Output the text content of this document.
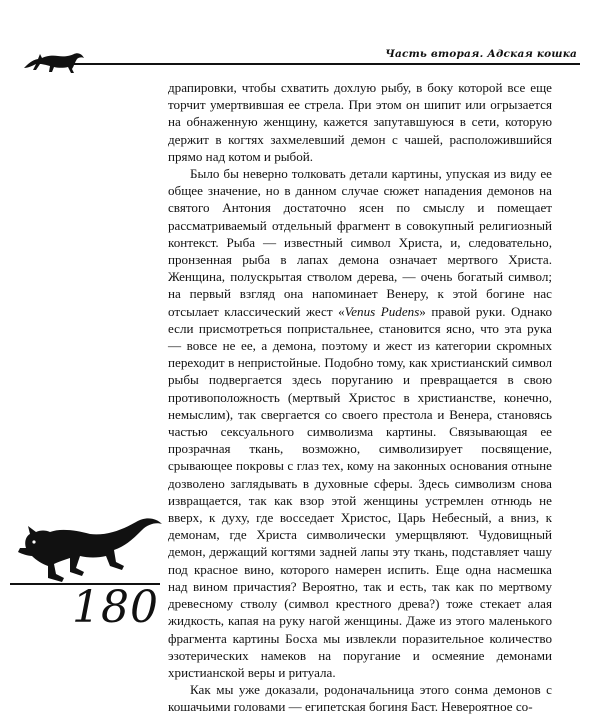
Часть вторая. Адская кошка

драпировки, чтобы схватить дохлую рыбу, в боку которой все еще торчит умертвившая ее стрела. При этом он шипит или огрызается на обнаженную женщину, кажется запутавшуюся в сети, которую держит в когтях захмелевший демон с чашей, расположившийся прямо над котом и рыбой.

Было бы неверно толковать детали картины, упуская из виду ее общее значение, но в данном случае сюжет нападения демонов на святого Антония достаточно ясен по смыслу и помещает рассматриваемый отдельный фрагмент в совокупный религиозный контекст. Рыба — известный символ Христа, и, следовательно, пронзенная рыба в лапах демона означает мертвого Христа. Женщина, полускрытая стволом дерева, — очень богатый символ; на первый взгляд она напоминает Венеру, к этой богине нас отсылает классический жест «Venus Pudens» правой руки. Однако если присмотреться попристальнее, становится ясно, что эта рука — вовсе не ее, а демона, поэтому и жест из категории скромных переходит в непристойные. Подобно тому, как христианский символ рыбы подвергается здесь поруганию и превращается в свою противоположность (мертвый Христос в христианстве, конечно, немыслим), так свергается со своего престола и Венера, становясь частью сексуального символизма картины. Связывающая ее прозрачная ткань, возможно, символизирует посвящение, срывающее покровы с глаз тех, кому на законных основания отныне дозволено заглядывать в духовные сферы. Здесь символизм снова извращается, так как взор этой женщины устремлен отнюдь не вверх, к духу, где восседает Христос, Царь Небесный, а вниз, к демонам, где Христа символически умерщвляют. Чудовищный демон, держащий когтями задней лапы эту ткань, подставляет чашу под красное вино, которого намерен испить. Еще одна насмешка над вином причастия? Вероятно, так и есть, так как по мертвому древесному стволу (символ крестного древа?) тоже стекает алая жидкость, капая на руку нагой женщины. Даже из этого маленького фрагмента картины Босха мы извлекли поразительное количество эзотерических намеков на поругание и осмеяние демонами христианской веры и ритуала.

Как мы уже доказали, родоначальница этого сонма демонов с кошачьими головами — египетская богиня Баст. Невероятное со-

180
